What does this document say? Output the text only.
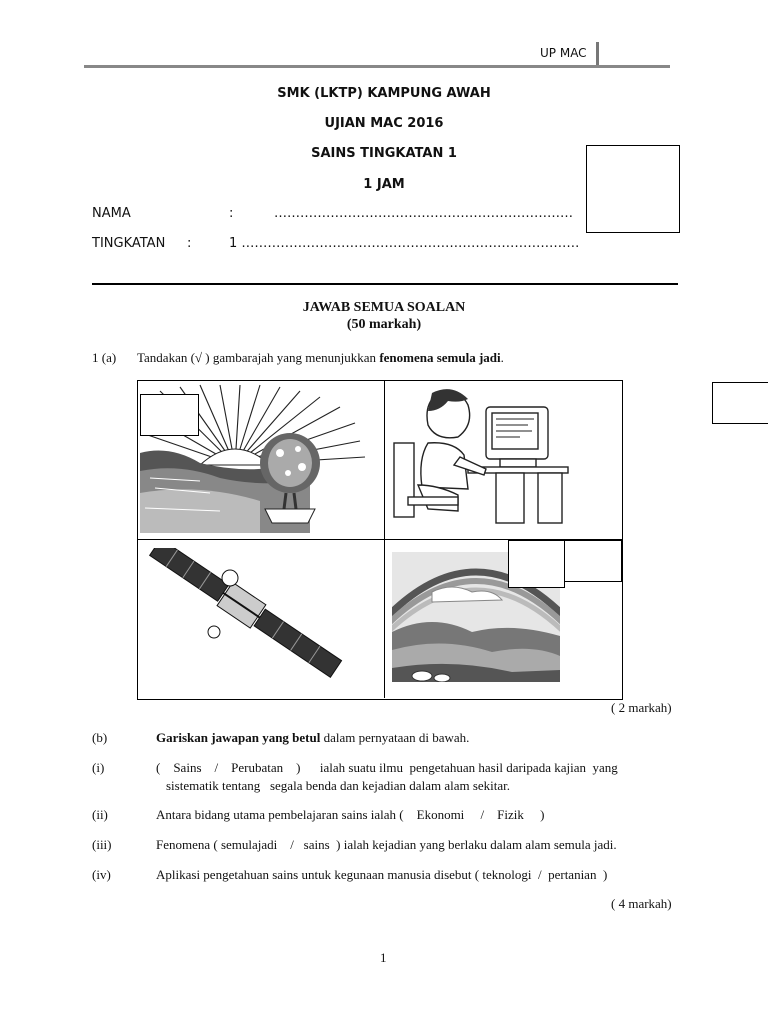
UP MAC
SMK (LKTP) KAMPUNG AWAH
UJIAN MAC 2016
SAINS TINGKATAN 1
1 JAM
NAMA	:	……………………………………………………………
TINGKATAN :	1 ……………………………………………………………………
JAWAB SEMUA SOALAN
(50 markah)
1 (a) Tandakan (√ ) gambarajah yang menunjukkan fenomena semula jadi.
( 2 markah)
(b)	Gariskan jawapan yang betul dalam pernyataan di bawah.
(i)	(    Sains    /    Perubatan    )      ialah suatu ilmu  pengetahuan hasil daripada kajian  yang
sistematik tentang   segala benda dan kejadian dalam alam sekitar.
(ii)	Antara bidang utama pembelajaran sains ialah (    Ekonomi     /    Fizik     )
(iii)	Fenomena ( semulajadi    /   sains  ) ialah kejadian yang berlaku dalam alam semula jadi.
(iv)	Aplikasi pengetahuan sains untuk kegunaan manusia disebut ( teknologi  /  pertanian  )
( 4 markah)
1
